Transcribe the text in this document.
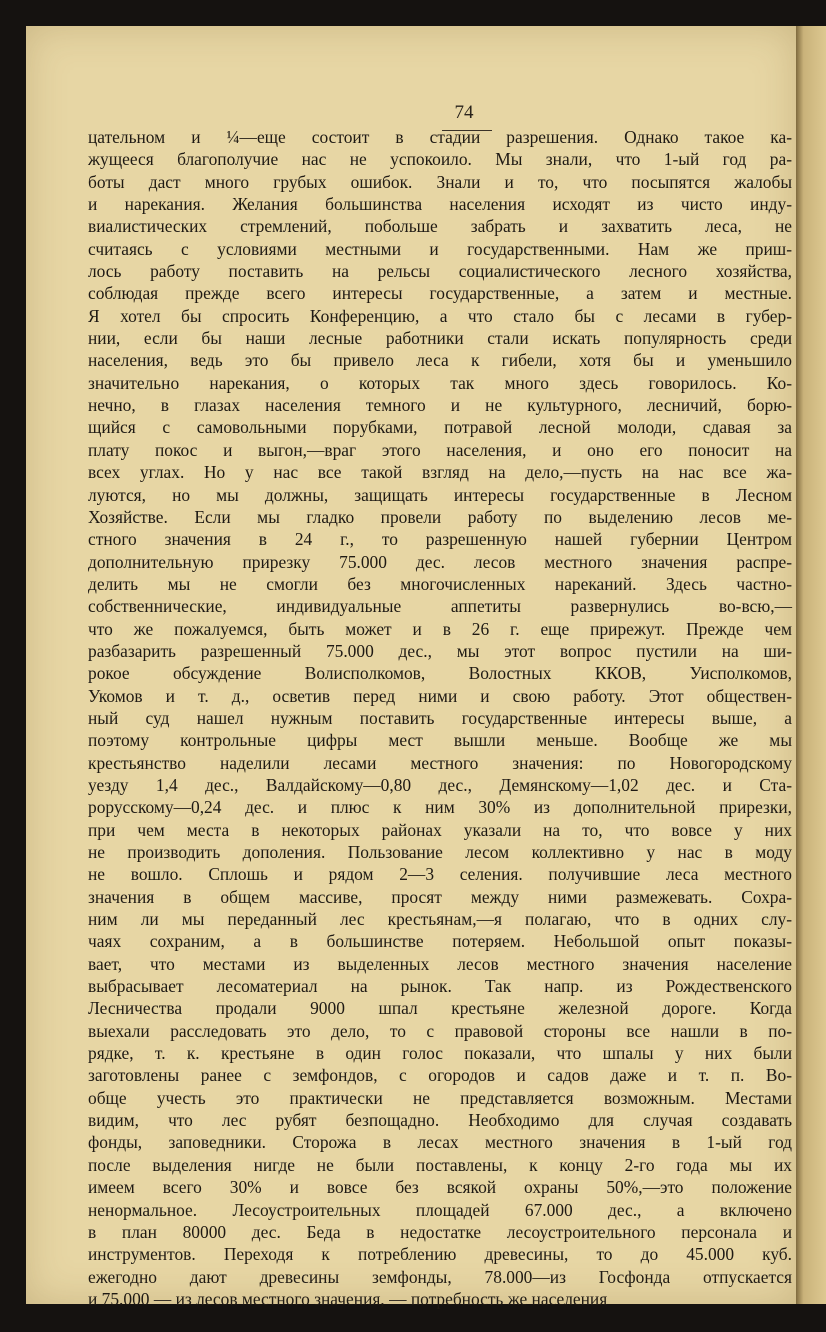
74
цательном и ¼—еще состоит в стадии разрешения. Однако такое ка-
жущееся благополучие нас не успокоило. Мы знали, что 1-ый год ра-
боты даст много грубых ошибок. Знали и то, что посыпятся жалобы
и нарекания. Желания большинства населения исходят из чисто инду-
виалистических стремлений, побольше забрать и захватить леса, не
считаясь с условиями местными и государственными. Нам же приш-
лось работу поставить на рельсы социалистического лесного хозяйства,
соблюдая прежде всего интересы государственные, а затем и местные.
Я хотел бы спросить Конференцию, а что стало бы с лесами в губер-
нии, если бы наши лесные работники стали искать популярность среди
населения, ведь это бы привело леса к гибели, хотя бы и уменьшило
значительно нарекания, о которых так много здесь говорилось. Ко-
нечно, в глазах населения темного и не культурного, лесничий, борю-
щийся с самовольными порубками, потравой лесной молоди, сдавая за
плату покос и выгон,—враг этого населения, и оно его поносит на
всех углах. Но у нас все такой взгляд на дело,—пусть на нас все жа-
луются, но мы должны, защищать интересы государственные в Лесном
Хозяйстве. Если мы гладко провели работу по выделению лесов ме-
стного значения в 24 г., то разрешенную нашей губернии Центром
дополнительную прирезку 75.000 дес. лесов местного значения распре-
делить мы не смогли без многочисленных нареканий. Здесь частно-
собственнические, индивидуальные аппетиты развернулись во-всю,—
что же пожалуемся, быть может и в 26 г. еще прирежут. Прежде чем
разбазарить разрешенный 75.000 дес., мы этот вопрос пустили на ши-
рокое обсуждение Волисполкомов, Волостных ККОВ, Уисполкомов,
Укомов и т. д., осветив перед ними и свою работу. Этот обществен-
ный суд нашел нужным поставить государственные интересы выше, а
поэтому контрольные цифры мест вышли меньше. Вообще же мы
крестьянство наделили лесами местного значения: по Новогородскому
уезду 1,4 дес., Валдайскому—0,80 дес., Демянскому—1,02 дес. и Ста-
рорусскому—0,24 дес. и плюс к ним 30% из дополнительной прирезки,
при чем места в некоторых районах указали на то, что вовсе у них
не производить дополения. Пользование лесом коллективно у нас в моду
не вошло. Сплошь и рядом 2—3 селения. получившие леса местного
значения в общем массиве, просят между ними размежевать. Сохра-
ним ли мы переданный лес крестьянам,—я полагаю, что в одних слу-
чаях сохраним, а в большинстве потеряем. Небольшой опыт показы-
вает, что местами из выделенных лесов местного значения население
выбрасывает лесоматериал на рынок. Так напр. из Рождественского
Лесничества продали 9000 шпал крестьяне железной дороге. Когда
выехали расследовать это дело, то с правовой стороны все нашли в по-
рядке, т. к. крестьяне в один голос показали, что шпалы у них были
заготовлены ранее с земфондов, с огородов и садов даже и т. п. Во-
обще учесть это практически не представляется возможным. Местами
видим, что лес рубят безпощадно. Необходимо для случая создавать
фонды, заповедники. Сторожа в лесах местного значения в 1-ый год
после выделения нигде не были поставлены, к концу 2-го года мы их
имеем всего 30% и вовсе без всякой охраны 50%,—это положение
ненормальное. Лесоустроительных площадей 67.000 дес., а включено
в план 80000 дес. Беда в недостатке лесоустроительного персонала и
инструментов. Переходя к потреблению древесины, то до 45.000 куб.
ежегодно дают древесины земфонды, 78.000—из Госфонда отпускается
и 75.000 — из лесов местного значения, — потребность же населения
